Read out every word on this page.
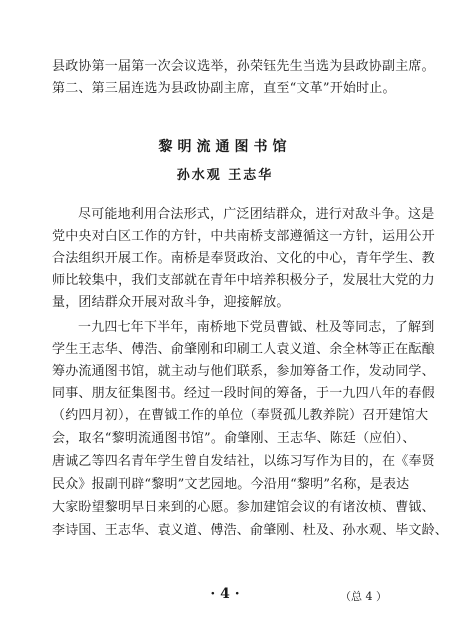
县政协第一届第一次会议选举，孙荣钰先生当选为县政协副主席。
第二、第三届连选为县政协副主席，直至“文革”开始时止。
黎明流通图书馆
孙水观 王志华
尽可能地利用合法形式，广泛团结群众，进行对敌斗争。这是
党中央对白区工作的方针，中共南桥支部遵循这一方针，运用公开
合法组织开展工作。南桥是奉贤政治、文化的中心，青年学生、教
师比较集中，我们支部就在青年中培养积极分子，发展壮大党的力
量，团结群众开展对敌斗争，迎接解放。
一九四七年下半年，南桥地下党员曹钺、杜及等同志，了解到
学生王志华、傅浩、俞肇刚和印刷工人袁义道、余全林等正在酝酿
筹办流通图书馆，就主动与他们联系，参加筹备工作，发动同学、
同事、朋友征集图书。经过一段时间的筹备，于一九四八年的春假
（约四月初），在曹钺工作的单位（奉贤孤儿教养院）召开建馆大
会，取名“黎明流通图书馆”。俞肇刚、王志华、陈廷（应伯）、
唐诚乙等四名青年学生曾自发结社，以练习写作为目的，在《奉贤
民众》报副刊辟“黎明”文艺园地。今沿用“黎明”名称，是表达
大家盼望黎明早日来到的心愿。参加建馆会议的有诸汝桢、曹钺、
李诗国、王志华、袁义道、傅浩、俞肇刚、杜及、孙水观、毕文龄、
· 4 ·	（总 4 ）
